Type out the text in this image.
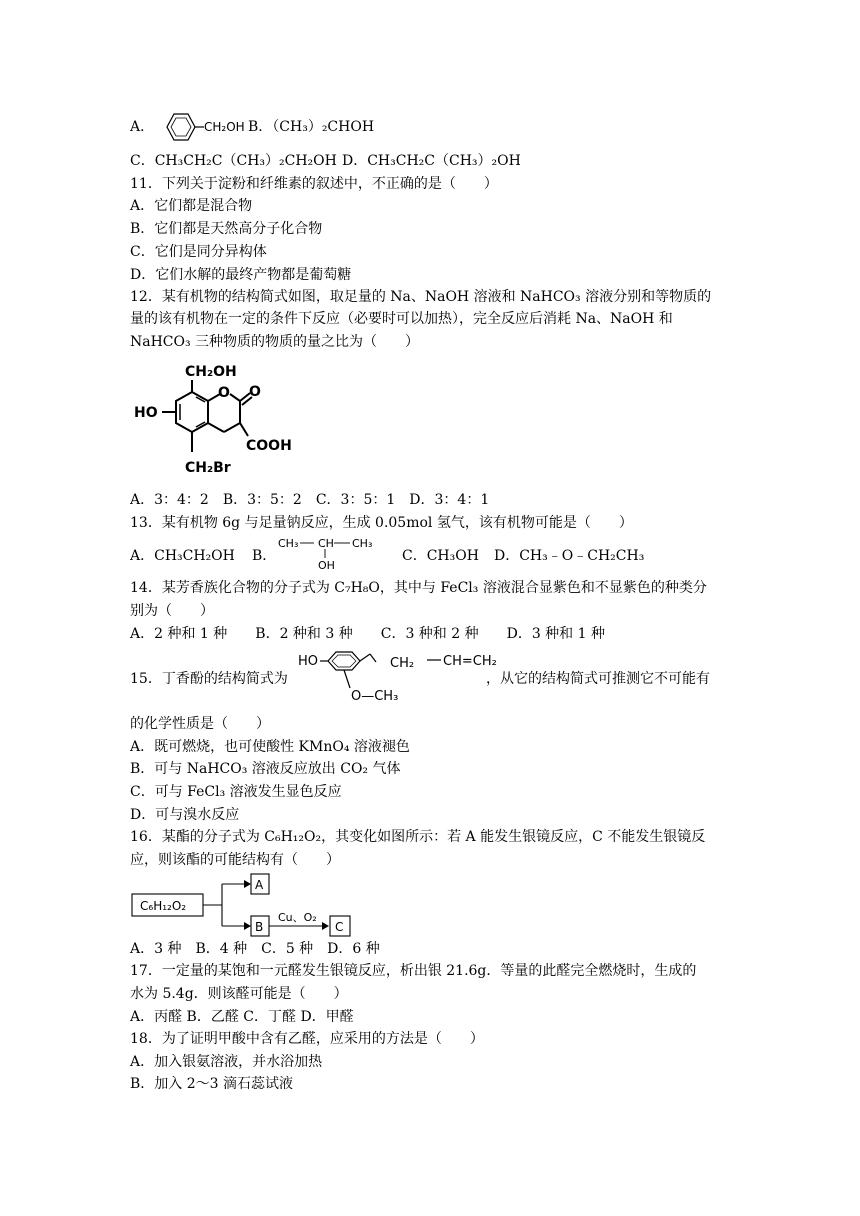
A．	CH₂OH B．（CH₃）₂CHOH
C．CH₃CH₂C（CH₃）₂CH₂OH D．CH₃CH₂C（CH₃）₂OH
11．下列关于淀粉和纤维素的叙述中，不正确的是（　　）
A．它们都是混合物
B．它们都是天然高分子化合物
C．它们是同分异构体
D．它们水解的最终产物都是葡萄糖
12．某有机物的结构简式如图，取足量的 Na、NaOH 溶液和 NaHCO₃ 溶液分别和等物质的
量的该有机物在一定的条件下反应（必要时可以加热），完全反应后消耗 Na、NaOH 和
NaHCO₃ 三种物质的物质的量之比为（　　）
CH₂OH
O O
COOH
HO
CH₂Br
A．3：4：2　B．3：5：2　C．3：5：1　D．3：4：1
13．某有机物 6g 与足量钠反应，生成 0.05mol 氢气，该有机物可能是（　　）
A．CH₃CH₂OH B．
CH₃ CH CH₃
OH
C．CH₃OH D．CH₃﹣O﹣CH₂CH₃
14．某芳香族化合物的分子式为 C₇H₈O，其中与 FeCl₃ 溶液混合显紫色和不显紫色的种类分
别为（　　）
A．2 种和 1 种　　B．2 种和 3 种　　C．3 种和 2 种　　D．3 种和 1 种
15．丁香酚的结构简式为
HO	CH₂ CH=CH₂
O—CH₃
，从它的结构简式可推测它不可能有
的化学性质是（　　）
A．既可燃烧，也可使酸性 KMnO₄ 溶液褪色
B．可与 NaHCO₃ 溶液反应放出 CO₂ 气体
C．可与 FeCl₃ 溶液发生显色反应
D．可与溴水反应
16．某酯的分子式为 C₆H₁₂O₂，其变化如图所示：若 A 能发生银镜反应，C 不能发生银镜反
应，则该酯的可能结构有（　　）
C₆H₁₂O₂
A
B
Cu、O₂
C
A．3 种　B．4 种　C．5 种　D．6 种
17．一定量的某饱和一元醛发生银镜反应，析出银 21.6g．等量的此醛完全燃烧时，生成的
水为 5.4g．则该醛可能是（　　）
A．丙醛 B．乙醛 C．丁醛 D．甲醛
18．为了证明甲酸中含有乙醛，应采用的方法是（　　）
A．加入银氨溶液，并水浴加热
B．加入 2～3 滴石蕊试液
